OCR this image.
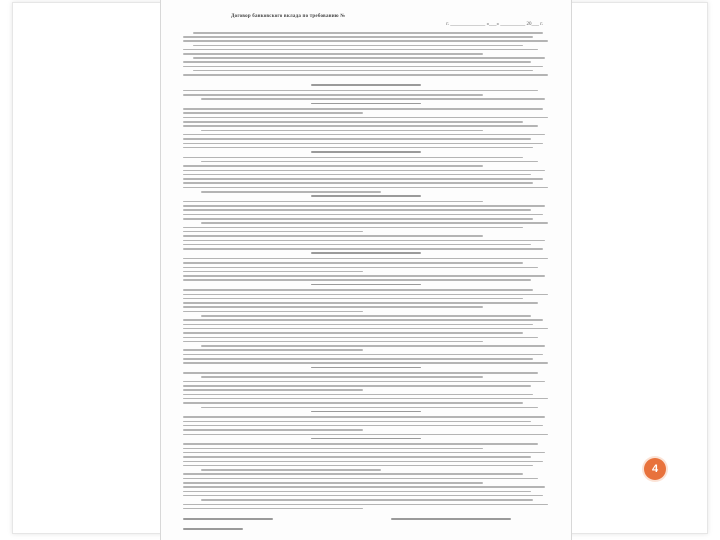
Договор банковского вклада по требованию №
г. ______________ «___» __________ 20___ г.
4
